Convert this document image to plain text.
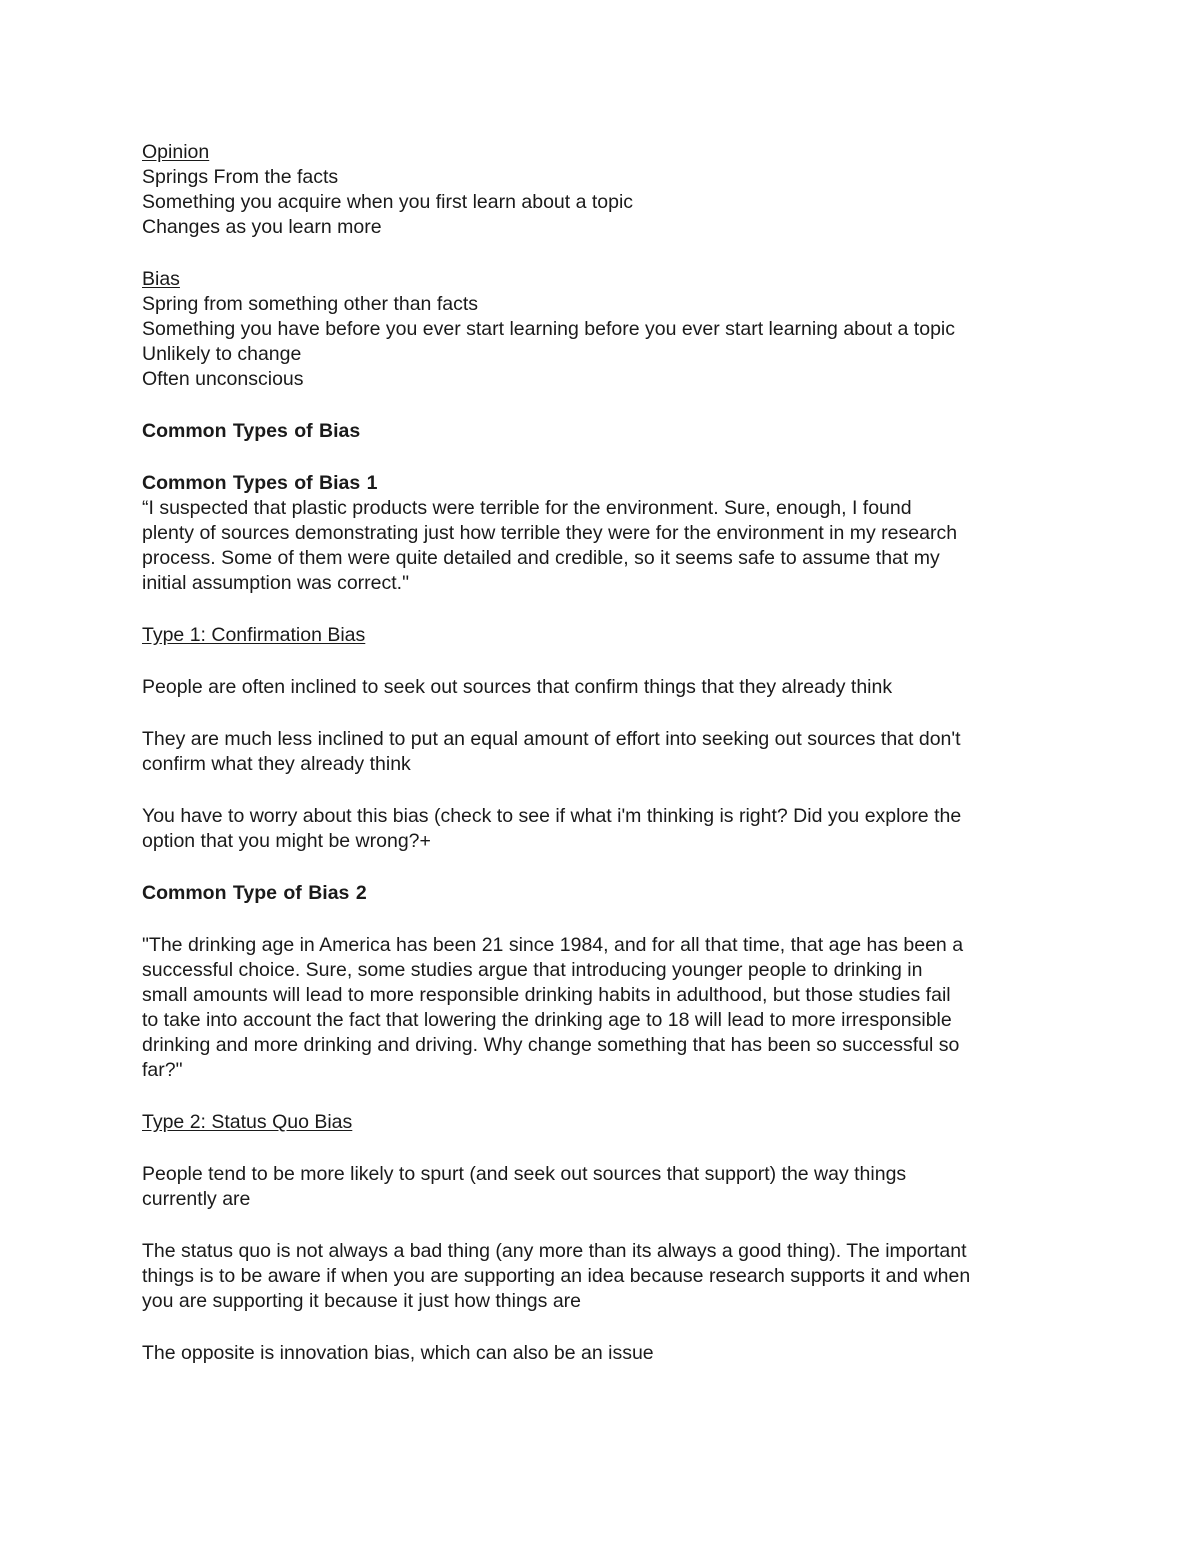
Opinion
Springs From the facts
Something you acquire when you first learn about a topic
Changes as you learn more
Bias
Spring from something other than facts
Something you have before you ever start learning before you ever start learning about a topic
Unlikely to change
Often unconscious
Common Types of Bias
Common Types of Bias 1
“I suspected that plastic products were terrible for the environment. Sure, enough, I found
plenty of sources demonstrating just how terrible they were for the environment in my research
process. Some of them were quite detailed and credible, so it seems safe to assume that my
initial assumption was correct."
Type 1: Confirmation Bias
People are often inclined to seek out sources that confirm things that they already think
They are much less inclined to put an equal amount of effort into seeking out sources that don't
confirm what they already think
You have to worry about this bias (check to see if what i'm thinking is right? Did you explore the
option that you might be wrong?+
Common Type of Bias 2
"The drinking age in America has been 21 since 1984, and for all that time, that age has been a
successful choice. Sure, some studies argue that introducing younger people to drinking in
small amounts will lead to more responsible drinking habits in adulthood, but those studies fail
to take into account the fact that lowering the drinking age to 18 will lead to more irresponsible
drinking and more drinking and driving. Why change something that has been so successful so
far?"
Type 2: Status Quo Bias
People tend to be more likely to spurt (and seek out sources that support) the way things
currently are
The status quo is not always a bad thing (any more than its always a good thing). The important
things is to be aware if when you are supporting an idea because research supports it and when
you are supporting it because it just how things are
The opposite is innovation bias, which can also be an issue
